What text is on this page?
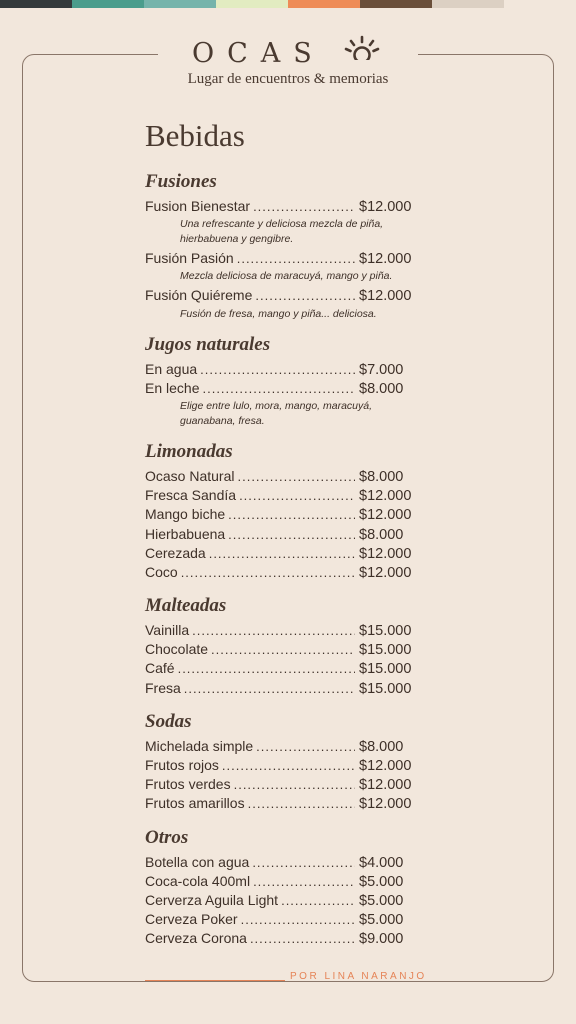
OCAS
Lugar de encuentros & memorias
Bebidas
Fusiones
Fusion Bienestar .....	$12.000
Una refrescante y deliciosa mezcla de piña, hierbabuena y gengibre.
Fusión Pasión .....	$12.000
Mezcla deliciosa de maracuyá, mango y piña.
Fusión Quiéreme .....	$12.000
Fusión de fresa, mango y piña... deliciosa.
Jugos naturales
En agua .....	$7.000
En leche .....	$8.000
Elige entre lulo, mora, mango, maracuyá, guanabana, fresa.
Limonadas
Ocaso Natural .....	$8.000
Fresca Sandía .....	$12.000
Mango biche .....	$12.000
Hierbabuena .....	$8.000
Cerezada .....	$12.000
Coco .....	$12.000
Malteadas
Vainilla .....	$15.000
Chocolate .....	$15.000
Café .....	$15.000
Fresa .....	$15.000
Sodas
Michelada simple .....	$8.000
Frutos rojos .....	$12.000
Frutos verdes .....	$12.000
Frutos amarillos .....	$12.000
Otros
Botella con agua .....	$4.000
Coca-cola 400ml .....	$5.000
Cerverza Aguila Light .....	$5.000
Cerveza Poker .....	$5.000
Cerveza Corona .....	$9.000
POR LINA NARANJO
